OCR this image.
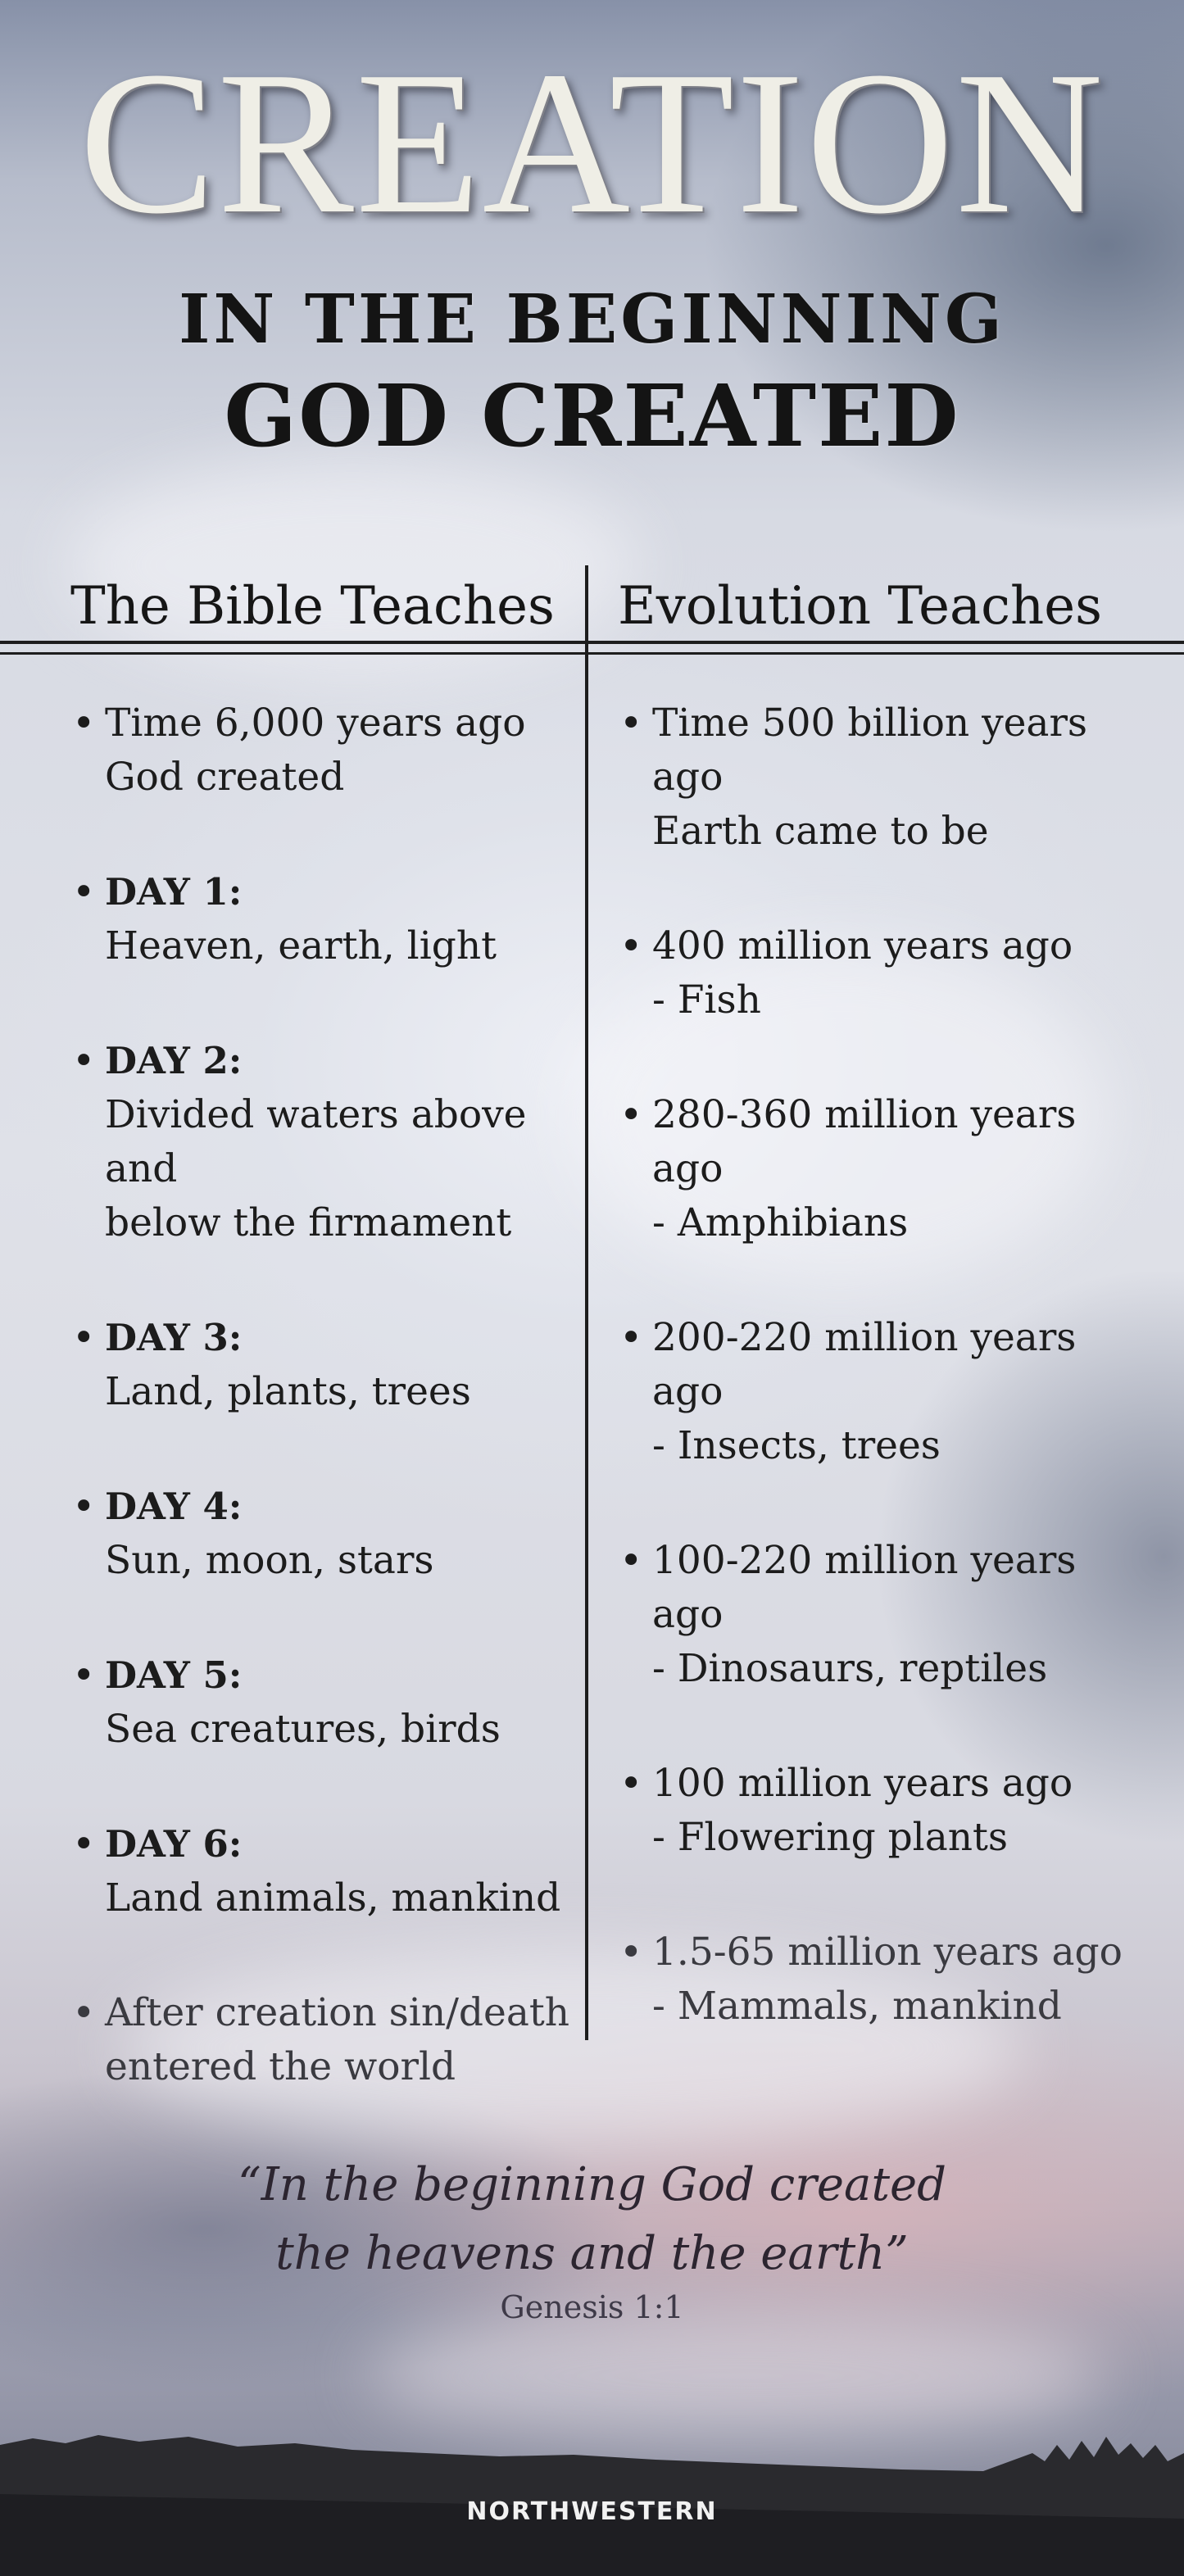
CREATION
IN THE BEGINNING
GOD CREATED
The Bible Teaches Evolution Teaches
• Time 6,000 years ago
God created
• DAY 1:
Heaven, earth, light
• DAY 2:
Divided waters above and
below the firmament
• DAY 3:
Land, plants, trees
• DAY 4:
Sun, moon, stars
• DAY 5:
Sea creatures, birds
• DAY 6:
Land animals, mankind
• After creation sin/death
entered the world
• Time 500 billion years ago
Earth came to be
• 400 million years ago
- Fish
• 280-360 million years ago
- Amphibians
• 200-220 million years ago
- Insects, trees
• 100-220 million years ago
- Dinosaurs, reptiles
• 100 million years ago
- Flowering plants
• 1.5-65 million years ago
- Mammals, mankind
“In the beginning God created
the heavens and the earth”
Genesis 1:1
NORTHWESTERN
